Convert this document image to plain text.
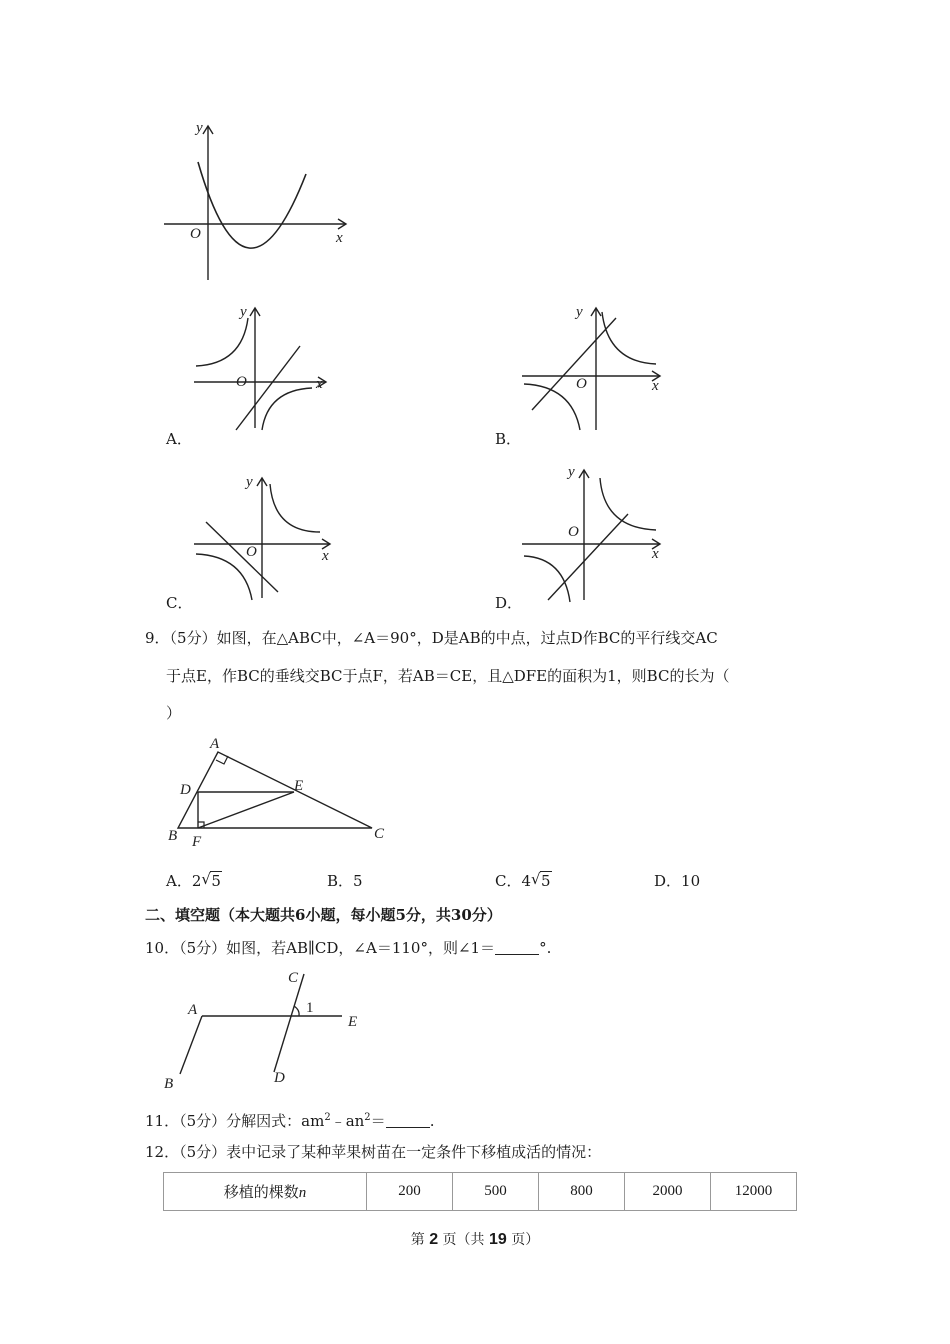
y
O	x
y
O	x
A．
y
O	x
B．
y
O	x
C．
y
O
x
D．
9．（5分）如图，在△ABC中，∠A＝90°，D是AB的中点，过点D作BC的平行线交AC
于点E，作BC的垂线交BC于点F，若AB＝CE，且△DFE的面积为1，则BC的长为（
）
A
B	C
D	E
F
A．2 √ 5	B．5	C．4 √ 5	D．10
二、填空题（本大题共6小题，每小题5分，共30分）
10．（5分）如图，若AB∥CD，∠A＝110°，则∠1＝	°.
A
B
C
D
E
1
11．（5分）分解因式：$am^2﹣an^2=$	.
12．（5分）表中记录了某种苹果树苗在一定条件下移植成活的情况：
移植的棵数n	200	500	800	2000	12000
第 2 页（共 19 页）
